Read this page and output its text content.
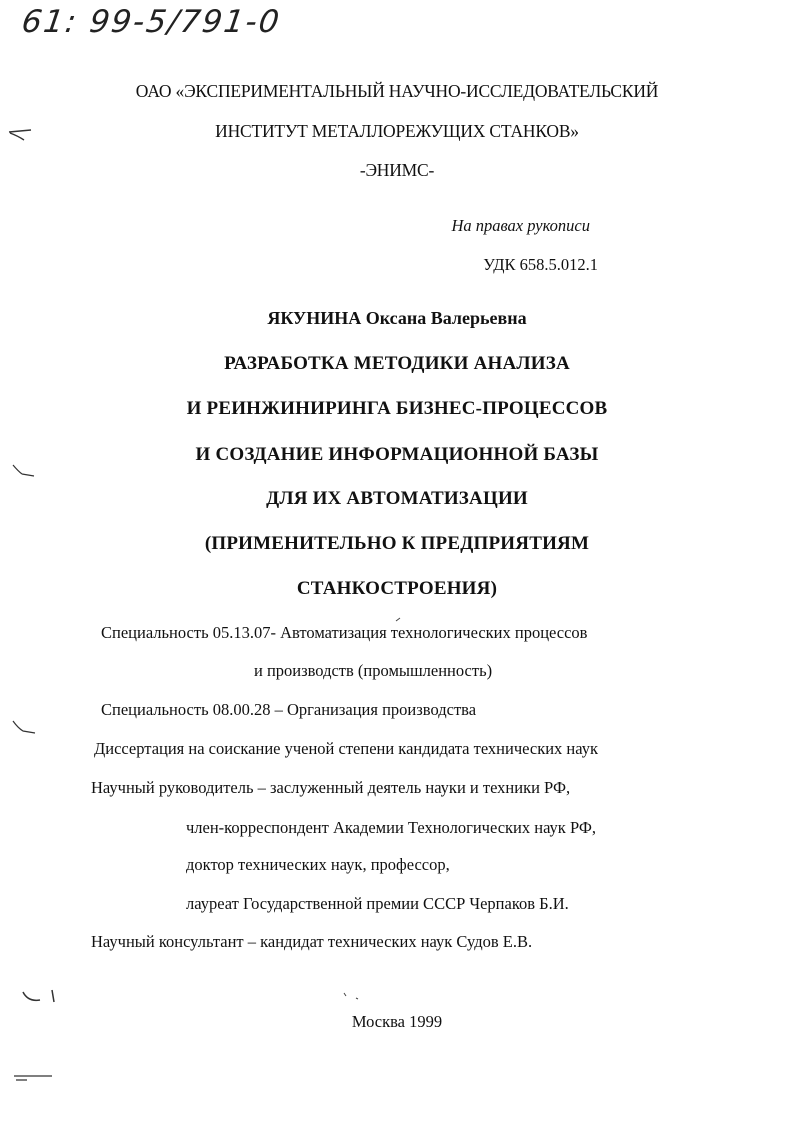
61: 99-5/791-0
ОАО «ЭКСПЕРИМЕНТАЛЬНЫЙ НАУЧНО-ИССЛЕДОВАТЕЛЬСКИЙ
ИНСТИТУТ МЕТАЛЛОРЕЖУЩИХ СТАНКОВ»
-ЭНИМС-
На правах рукописи
УДК 658.5.012.1
ЯКУНИНА Оксана Валерьевна
РАЗРАБОТКА МЕТОДИКИ АНАЛИЗА
И РЕИНЖИНИРИНГА БИЗНЕС-ПРОЦЕССОВ
И СОЗДАНИЕ ИНФОРМАЦИОННОЙ БАЗЫ
ДЛЯ ИХ АВТОМАТИЗАЦИИ
(ПРИМЕНИТЕЛЬНО К ПРЕДПРИЯТИЯМ
СТАНКОСТРОЕНИЯ)
Специальность 05.13.07- Автоматизация технологических процессов
и производств (промышленность)
Специальность 08.00.28 – Организация производства
Диссертация на соискание ученой степени кандидата технических наук
Научный руководитель – заслуженный деятель науки и техники РФ,
член-корреспондент Академии Технологических наук РФ,
доктор технических наук, профессор,
лауреат Государственной премии СССР Черпаков Б.И.
Научный консультант – кандидат технических наук Судов Е.В.
Москва 1999
